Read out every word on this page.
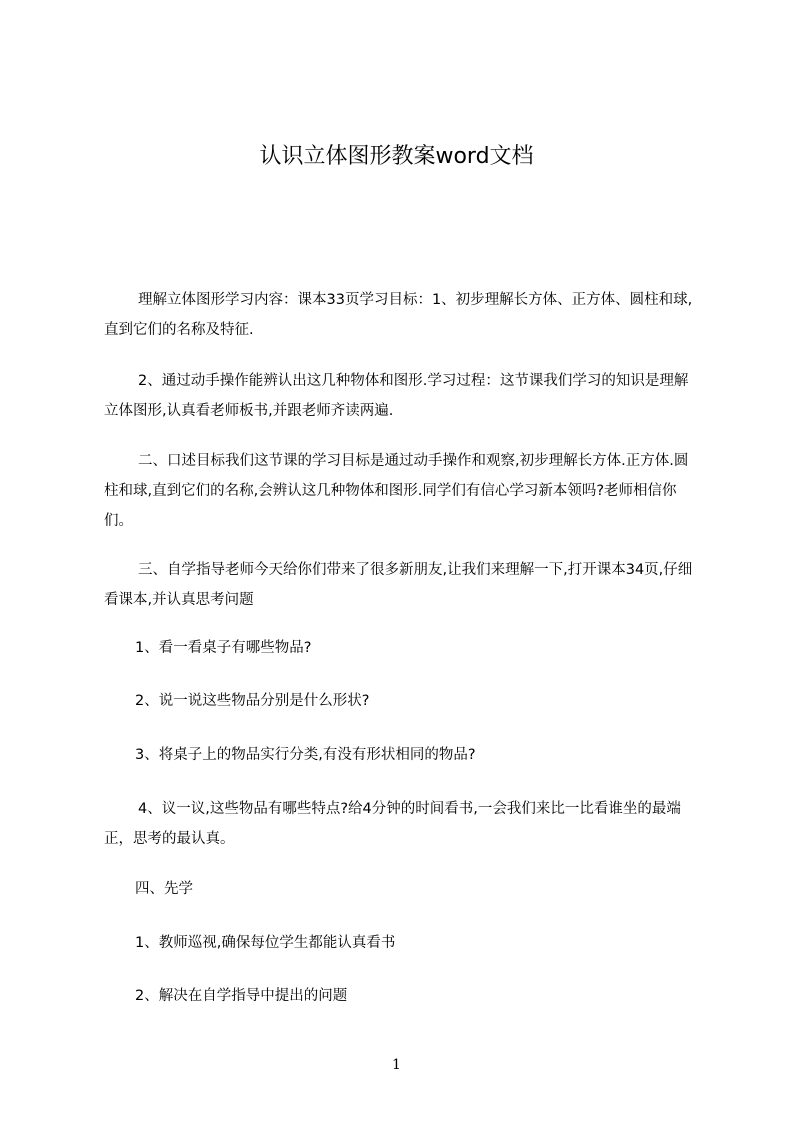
认识立体图形教案word文档

理解立体图形学习内容：课本33页学习目标：1、初步理解长方体、正方体、圆柱和球,直到它们的名称及特征.

2、通过动手操作能辨认出这几种物体和图形.学习过程：这节课我们学习的知识是理解立体图形,认真看老师板书,并跟老师齐读两遍.

二、口述目标我们这节课的学习目标是通过动手操作和观察,初步理解长方体.正方体.圆柱和球,直到它们的名称,会辨认这几种物体和图形.同学们有信心学习新本领吗?老师相信你们。

三、自学指导老师今天给你们带来了很多新朋友,让我们来理解一下,打开课本34页,仔细看课本,并认真思考问题

1、看一看桌子有哪些物品?

2、说一说这些物品分别是什么形状?

3、将桌子上的物品实行分类,有没有形状相同的物品?

4、议一议,这些物品有哪些特点?给4分钟的时间看书,一会我们来比一比看谁坐的最端正，思考的最认真。

四、先学

1、教师巡视,确保每位学生都能认真看书

2、解决在自学指导中提出的问题

1
